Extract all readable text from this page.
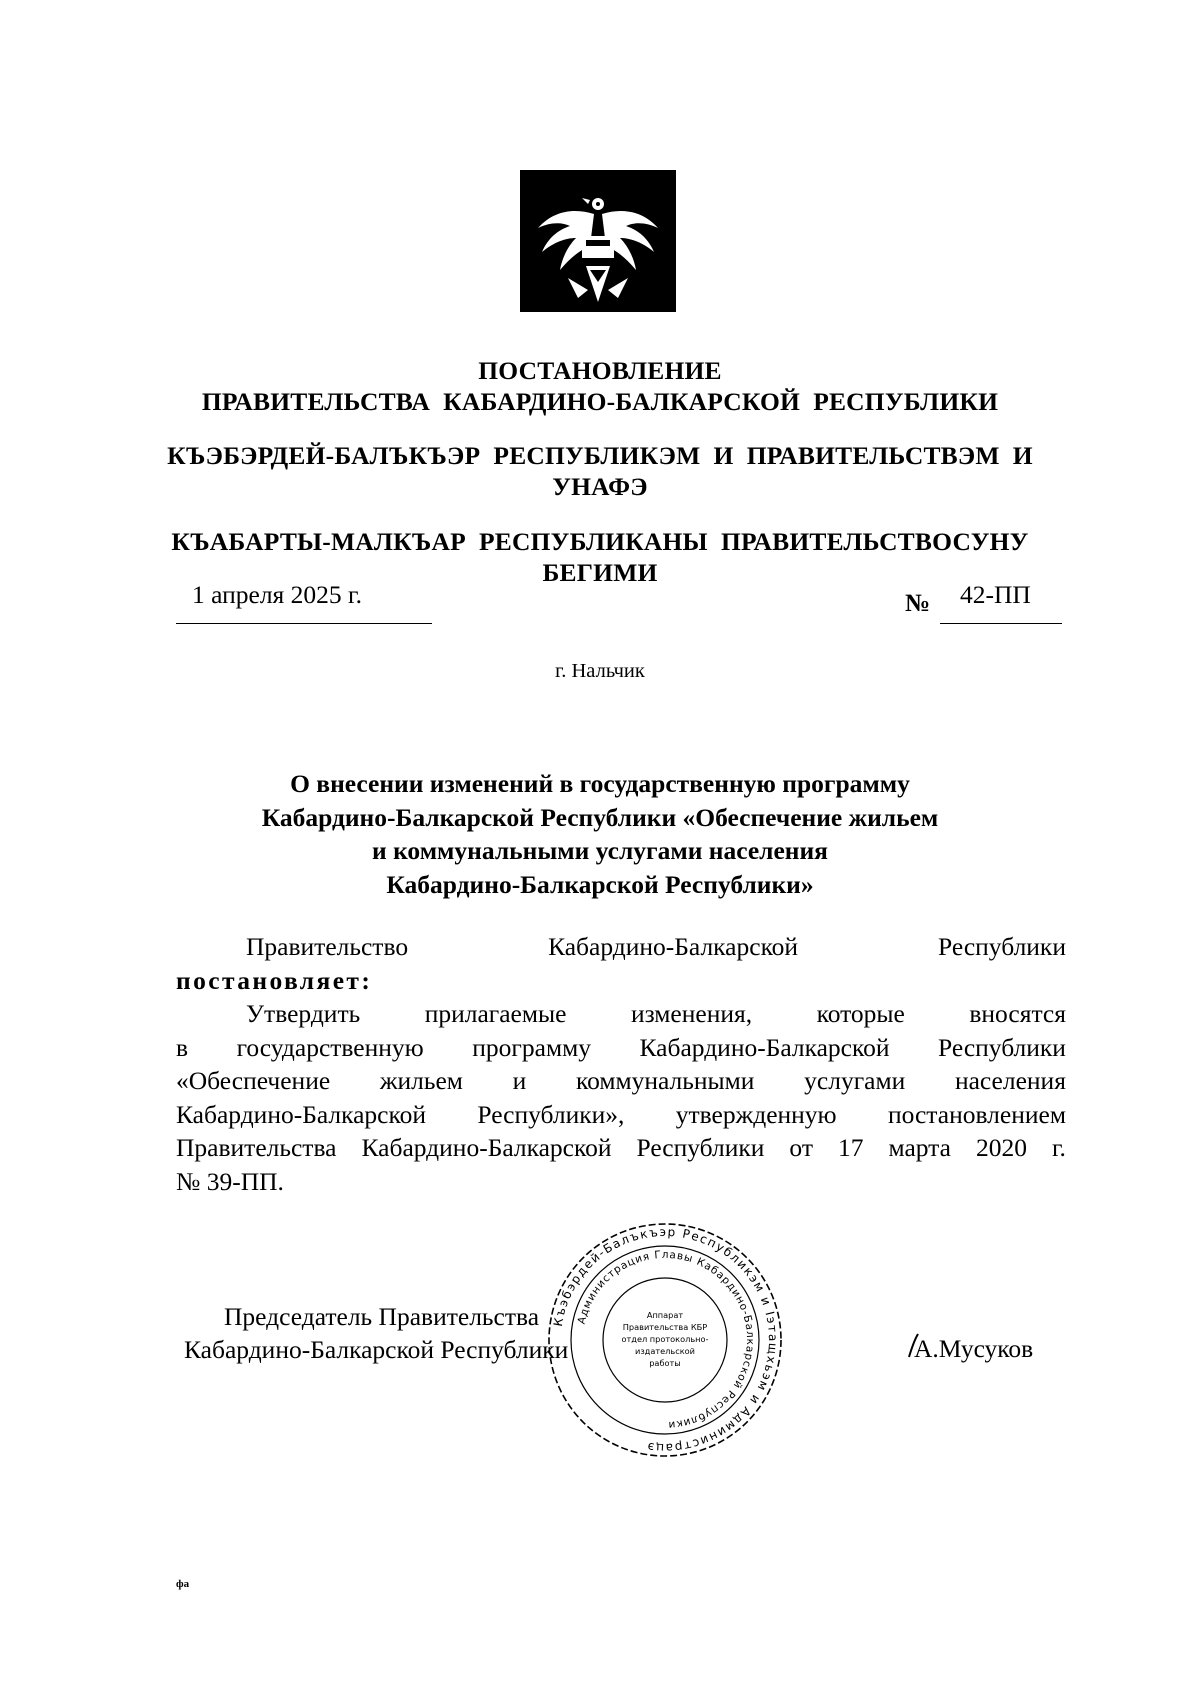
ПОСТАНОВЛЕНИЕ
ПРАВИТЕЛЬСТВА  КАБАРДИНО-БАЛКАРСКОЙ  РЕСПУБЛИКИ
КЪЭБЭРДЕЙ-БАЛЪКЪЭР  РЕСПУБЛИКЭМ  И  ПРАВИТЕЛЬСТВЭМ  И
УНАФЭ
КЪАБАРТЫ-МАЛКЪАР  РЕСПУБЛИКАНЫ  ПРАВИТЕЛЬСТВОСУНУ
БЕГИМИ
1 апреля 2025 г.	№ 42-ПП
г. Нальчик
О внесении изменений в государственную программу
Кабардино-Балкарской Республики «Обеспечение жильем
и коммунальными услугами населения
Кабардино-Балкарской Республики»
Правительство	Кабардино-Балкарской	Республики
постановляет:
Утвердить	прилагаемые	изменения,	которые	вносятся
в государственную программу Кабардино-Балкарской Республики
«Обеспечение жильем и коммунальными услугами населения
Кабардино-Балкарской Республики», утвержденную постановлением
Правительства Кабардино-Балкарской Республики от 17 марта 2020 г.
№ 39-ПП.
Къэбэрдей-Балъкъэр Республикэм и Іэтащхьэм и Администрацэ
Администрация Главы Кабардино-Балкарской Республики
Аппарат
Правительства КБР
отдел протокольно-
издательской
работы
Председатель Правительства
Кабардино-Балкарской Республики	А.Мусуков
фа
